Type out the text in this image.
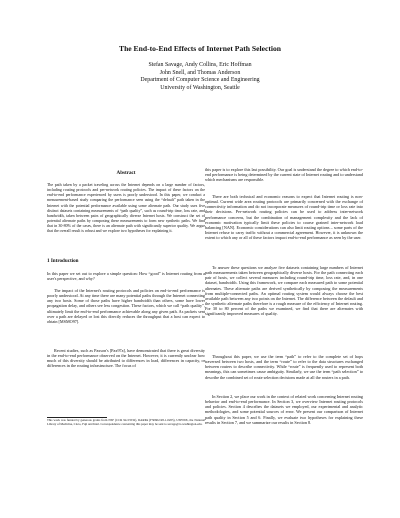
The End-to-End Effects of Internet Path Selection
Stefan Savage, Andy Collins, Eric Hoffman
John Snell, and Thomas Anderson
Department of Computer Science and Engineering
University of Washington, Seattle
Abstract

The path taken by a packet traveling across the Internet depends on a large number of factors, including routing protocols and per-network routing policies. The impact of these factors on the end-to-end performance experienced by users is poorly understood. In this paper, we conduct a measurement-based study comparing the performance seen using the “default” path taken in the Internet with the potential performance available using some alternate path. Our study uses five distinct datasets containing measurements of “path quality”, such as round-trip time, loss rate, and bandwidth, taken between pairs of geographically diverse Internet hosts. We construct the set of potential alternate paths by composing these measurements to form new synthetic paths. We find that in 30-80% of the cases, there is an alternate path with significantly superior quality. We argue that the overall result is robust and we explore two hypotheses for explaining it.

1 Introduction

In this paper we set out to explore a simple question: How “good” is Internet routing from a user's perspective, and why?

The impact of the Internet's routing protocols and policies on end-to-end performance is poorly understood. At any time there are many potential paths through the Internet connecting any two hosts. Some of those paths have higher bandwidth than others, some have lower propagation delay, and others see less congestion. These factors, which we call “path quality”, ultimately limit the end-to-end performance achievable along any given path. As packets sent over a path are delayed or lost this directly reduces the throughput that a host can expect to obtain [MSMO97].

Recent studies, such as Paxson's [Pax97a], have demonstrated that there is great diversity in the end-to-end performance observed on the Internet. However, it is currently unclear how much of this diversity should be attributed to differences in load, differences in capacity, or differences in the routing infrastructure. The focus of

This work was funded by generous grants from NSF (CCR 94-53532), DARPA (F30602-98-1-0205), USENIX, the National Library of Medicine, Cisco, Fuji and Intel. Correspondence concerning this paper may be sent to savage@cs.washington.edu.

this paper is to explore this last possibility. Our goal is understand the degree to which end-to-end performance is being determined by the current state of Internet routing and to understand which mechanisms are responsible.

There are both technical and economic reasons to expect that Internet routing is non-optimal. Current wide area routing protocols are primarily concerned with the exchange of connectivity information and do not incorporate measures of round-trip time or loss rate into their decisions. Per-network routing policies can be used to address inter-network performance concerns, but the combination of management complexity and the lack of economic motivation typically limit these policies to coarse grained inter-network load balancing [NAN]. Economic considerations can also limit routing options – some parts of the Internet refuse to carry traffic without a commercial agreement. However, it is unknown the extent to which any or all of these factors impact end-to-end performance as seen by the user.

To answer these questions we analyze five datasets containing large numbers of Internet path measurements taken between geographically diverse hosts. For the path connecting each pair of hosts, we collect several measures including round-trip time, loss rate, and, in one dataset, bandwidth. Using this framework, we compare each measured path to some potential alternates. These alternate paths are derived synthetically by composing the measurements from multiple-connected paths. An optimal routing system would always choose the best available path between any two points on the Internet. The difference between the default and the synthetic alternate paths therefore is a rough measure of the efficiency of Internet routing. For 30 to 80 percent of the paths we examined, we find that there are alternates with significantly improved measures of quality.

Throughout this paper, we use the term “path” to refer to the complete set of hops traversed between two hosts, and the term “route” to refer to the data structures exchanged between routers to describe connectivity. While “route” is frequently used to represent both meanings, this can sometimes cause ambiguity. Similarly, we use the term “path selection” to describe the combined set of route selection decisions made at all the routers in a path.

In Section 2, we place our work in the context of related work concerning Internet routing behavior and end-to-end performance. In Section 3, we overview Internet routing protocols and policies. Section 4 describes the datasets we employed, our experimental and analytic methodologies, and some potential sources of error. We present our comparison of Internet path quality in Section 5 and 6. Finally, we evaluate two hypotheses for explaining these results in Section 7, and we summarize our results in Section 8.
